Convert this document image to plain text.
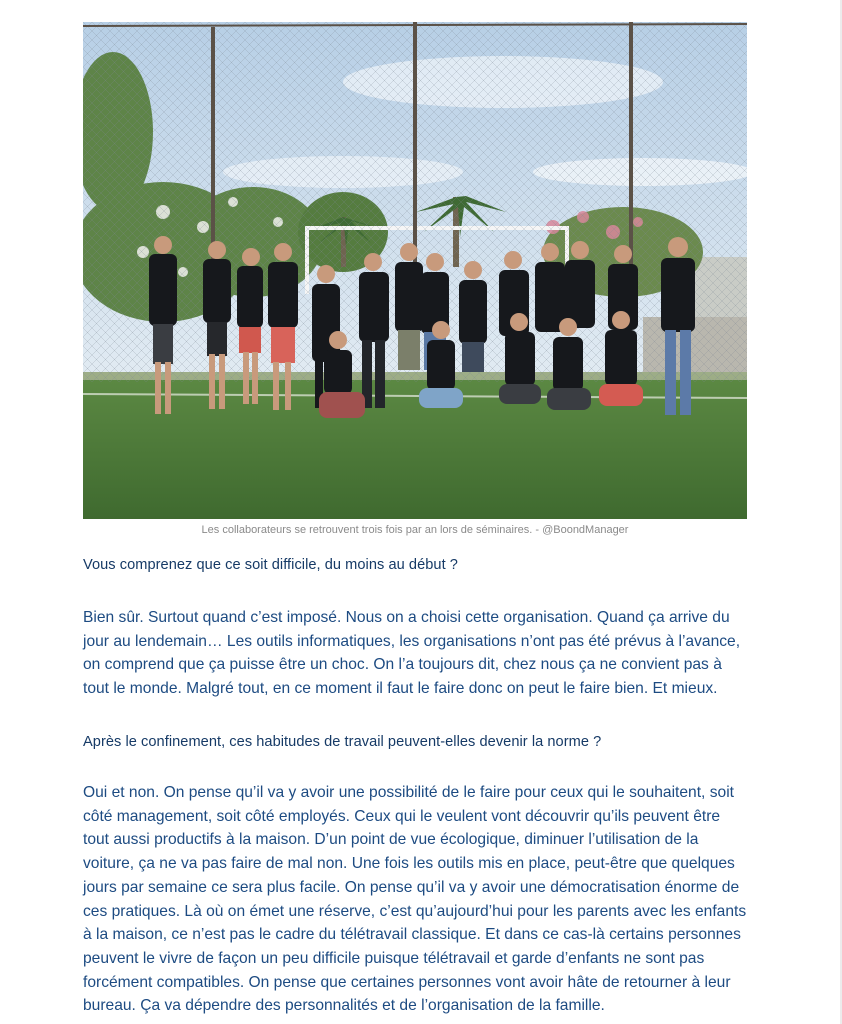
Les collaborateurs se retrouvent trois fois par an lors de séminaires. - @BoondManager
Vous comprenez que ce soit difficile, du moins au début ?

Bien sûr. Surtout quand c’est imposé. Nous on a choisi cette organisation. Quand ça arrive du jour au lendemain… Les outils informatiques, les organisations n’ont pas été prévus à l’avance, on comprend que ça puisse être un choc. On l’a toujours dit, chez nous ça ne convient pas à tout le monde. Malgré tout, en ce moment il faut le faire donc on peut le faire bien. Et mieux.

Après le confinement, ces habitudes de travail peuvent-elles devenir la norme ?

Oui et non. On pense qu’il va y avoir une possibilité de le faire pour ceux qui le souhaitent, soit côté management, soit côté employés. Ceux qui le veulent vont découvrir qu’ils peuvent être tout aussi productifs à la maison. D’un point de vue écologique, diminuer l’utilisation de la voiture, ça ne va pas faire de mal non. Une fois les outils mis en place, peut-être que quelques jours par semaine ce sera plus facile. On pense qu’il va y avoir une démocratisation énorme de ces pratiques. Là où on émet une réserve, c’est qu’aujourd’hui pour les parents avec les enfants à la maison, ce n’est pas le cadre du télétravail classique. Et dans ce cas-là certains personnes peuvent le vivre de façon un peu difficile puisque télétravail et garde d’enfants ne sont pas forcément compatibles. On pense que certaines personnes vont avoir hâte de retourner à leur bureau. Ça va dépendre des personnalités et de l’organisation de la famille.
